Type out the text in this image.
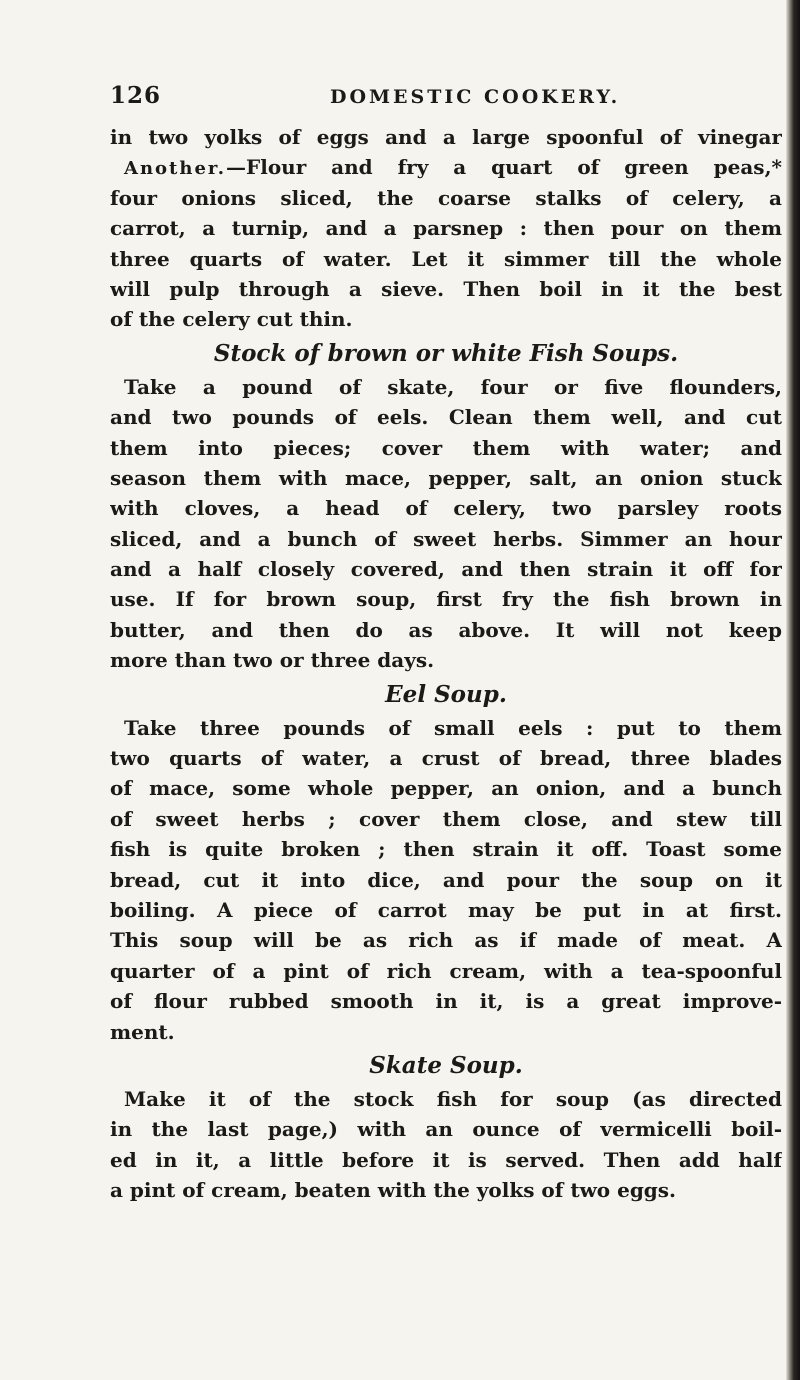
126	DOMESTIC COOKERY.
in two yolks of eggs and a large spoonful of vinegar
Another.—Flour and fry a quart of green peas,*
four onions sliced, the coarse stalks of celery, a
carrot, a turnip, and a parsnep : then pour on them
three quarts of water. Let it simmer till the whole
will pulp through a sieve. Then boil in it the best
of the celery cut thin.
Stock of brown or white Fish Soups.
Take a pound of skate, four or five flounders,
and two pounds of eels. Clean them well, and cut
them into pieces; cover them with water; and
season them with mace, pepper, salt, an onion stuck
with cloves, a head of celery, two parsley roots
sliced, and a bunch of sweet herbs. Simmer an hour
and a half closely covered, and then strain it off for
use. If for brown soup, first fry the fish brown in
butter, and then do as above. It will not keep
more than two or three days.
Eel Soup.
Take three pounds of small eels : put to them
two quarts of water, a crust of bread, three blades
of mace, some whole pepper, an onion, and a bunch
of sweet herbs ; cover them close, and stew till
fish is quite broken ; then strain it off. Toast some
bread, cut it into dice, and pour the soup on it
boiling. A piece of carrot may be put in at first.
This soup will be as rich as if made of meat. A
quarter of a pint of rich cream, with a tea-spoonful
of flour rubbed smooth in it, is a great improve-
ment.
Skate Soup.
Make it of the stock fish for soup (as directed
in the last page,) with an ounce of vermicelli boil-
ed in it, a little before it is served. Then add half
a pint of cream, beaten with the yolks of two eggs.
